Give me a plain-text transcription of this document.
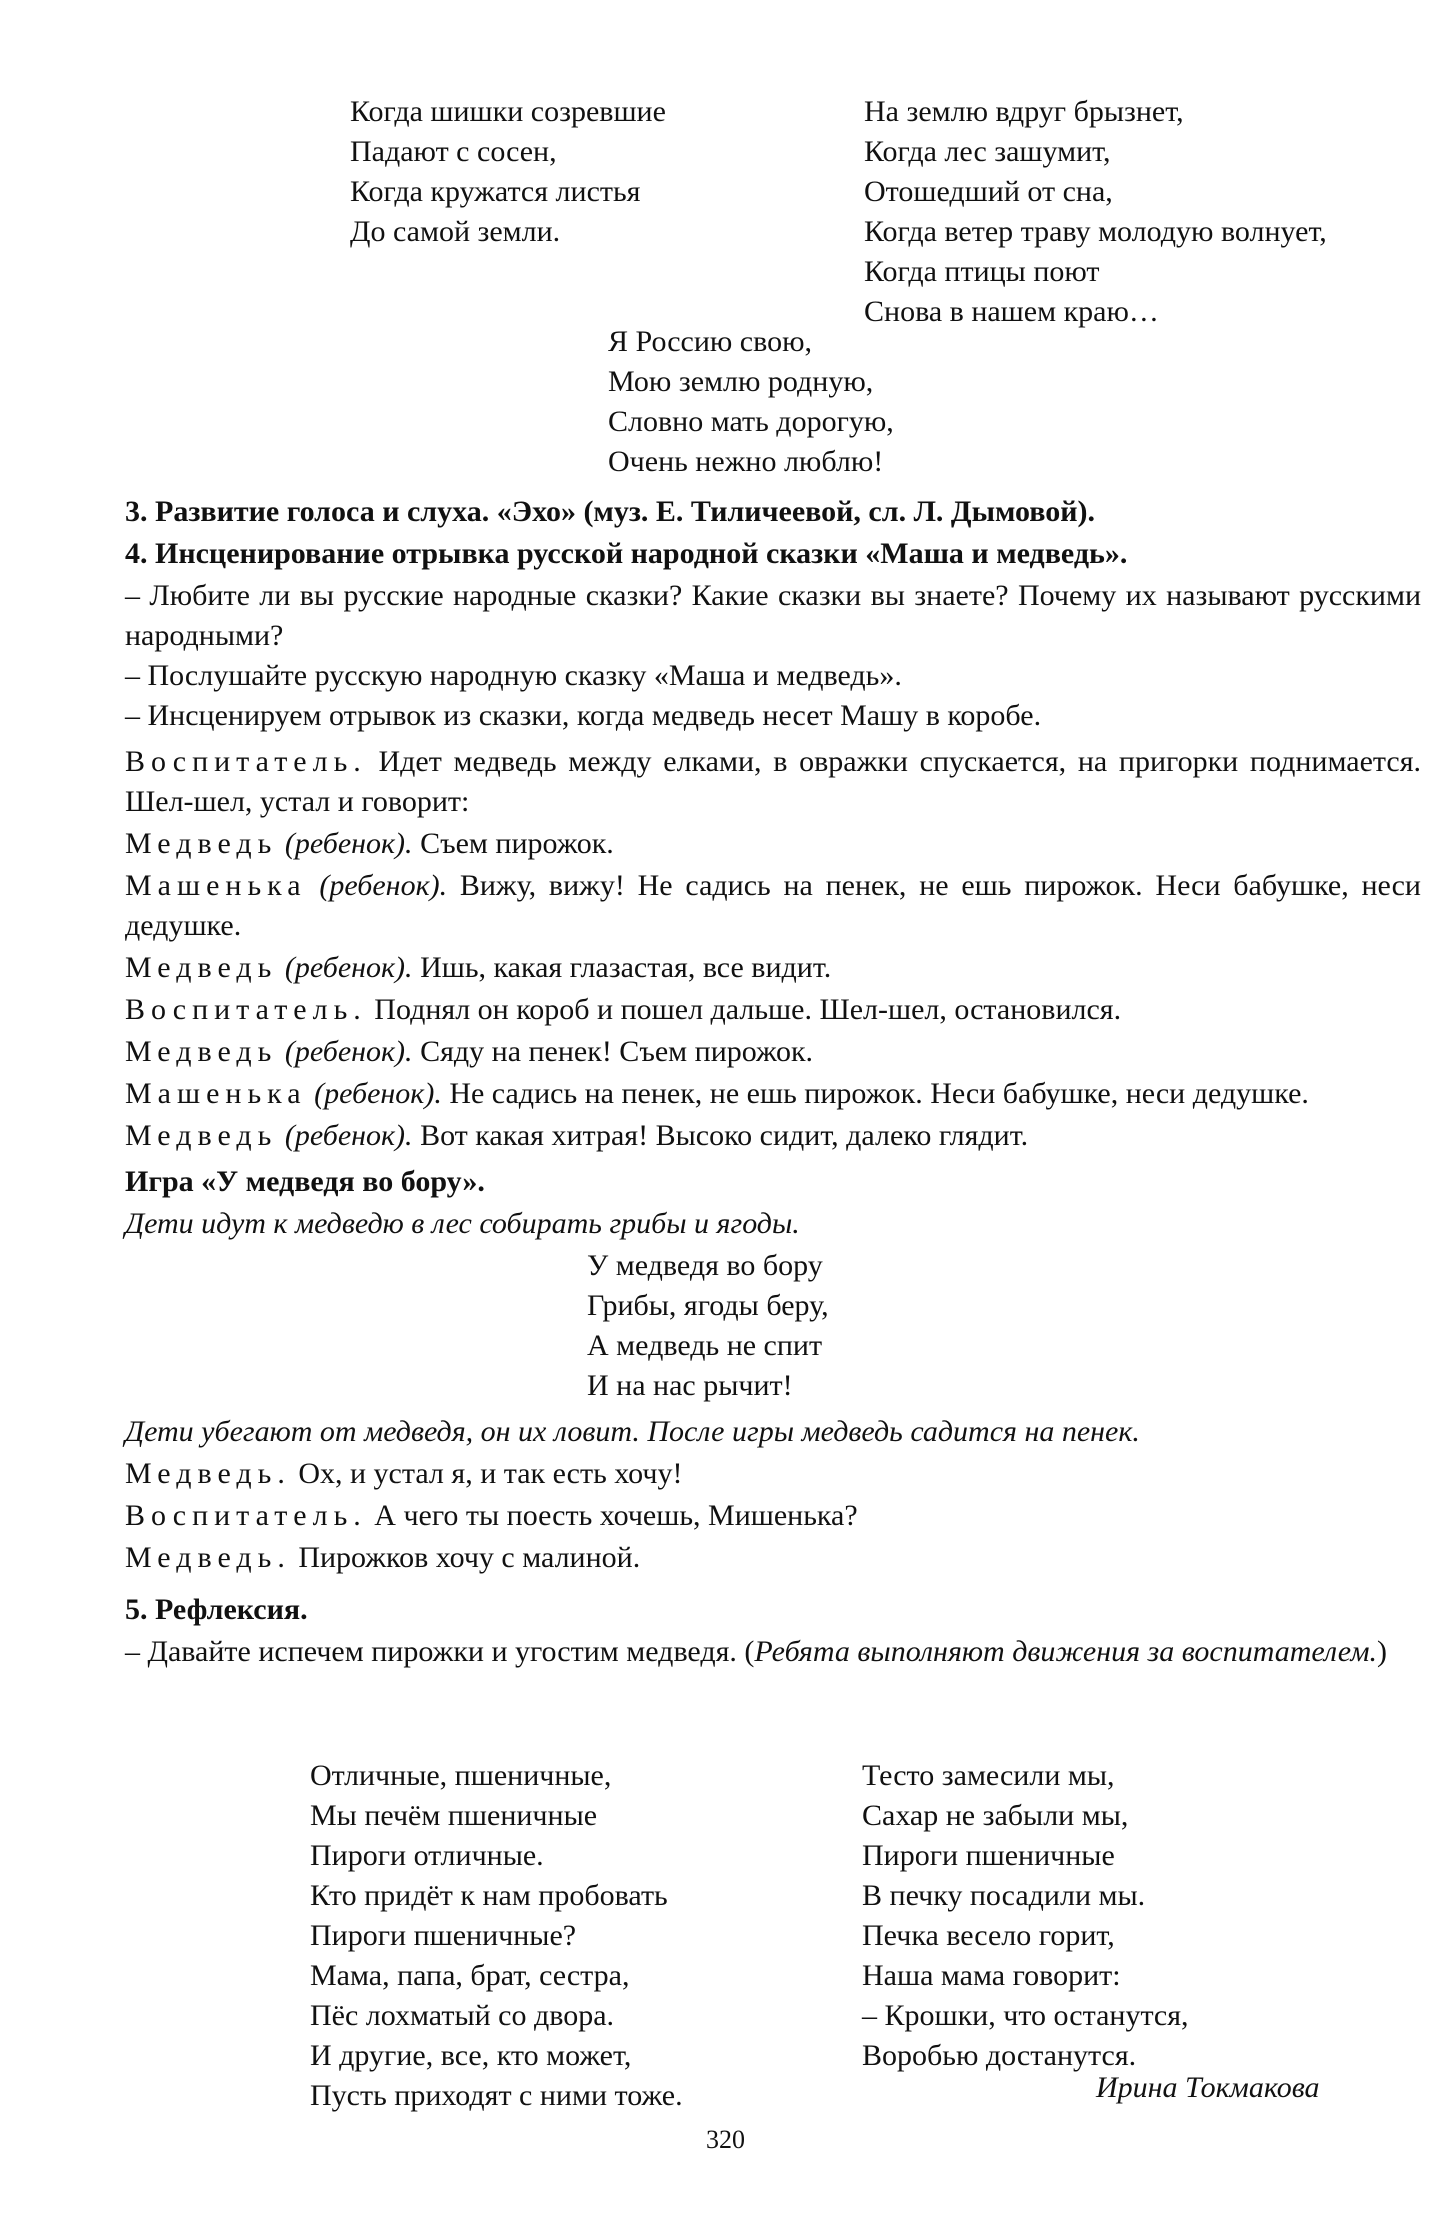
Когда шишки созревшие
Падают с сосен,
Когда кружатся листья
До самой земли.
На землю вдруг брызнет,
Когда лес зашумит,
Отошедший от сна,
Когда ветер траву молодую волнует,
Когда птицы поют
Снова в нашем краю…
Я Россию свою,
Мою землю родную,
Словно мать дорогую,
Очень нежно люблю!

3. Развитие голоса и слуха. «Эхо» (муз. Е. Тиличеевой, сл. Л. Дымовой).

4. Инсценирование отрывка русской народной сказки «Маша и медведь».

– Любите ли вы русские народные сказки? Какие сказки вы знаете? Почему их называют русскими народными?

– Послушайте русскую народную сказку «Маша и медведь».

– Инсценируем отрывок из сказки, когда медведь несет Машу в коробе.

Воспитатель. Идет медведь между елками, в овражки спускается, на пригорки поднимается. Шел-шел, устал и говорит:

Медведь (ребенок). Съем пирожок.

Машенька (ребенок). Вижу, вижу! Не садись на пенек, не ешь пирожок. Неси бабушке, неси дедушке.

Медведь (ребенок). Ишь, какая глазастая, все видит.

Воспитатель. Поднял он короб и пошел дальше. Шел-шел, остановился.

Медведь (ребенок). Сяду на пенек! Съем пирожок.

Машенька (ребенок). Не садись на пенек, не ешь пирожок. Неси бабушке, неси дедушке.

Медведь (ребенок). Вот какая хитрая! Высоко сидит, далеко глядит.

Игра «У медведя во бору».

Дети идут к медведю в лес собирать грибы и ягоды.

У медведя во бору
Грибы, ягоды беру,
А медведь не спит
И на нас рычит!

Дети убегают от медведя, он их ловит. После игры медведь садится на пенек.

Медведь. Ох, и устал я, и так есть хочу!

Воспитатель. А чего ты поесть хочешь, Мишенька?

Медведь. Пирожков хочу с малиной.

5. Рефлексия.

– Давайте испечем пирожки и угостим медведя. (Ребята выполняют движения за воспитателем.)

Отличные, пшеничные,
Мы печём пшеничные
Пироги отличные.
Кто придёт к нам пробовать
Пироги пшеничные?
Мама, папа, брат, сестра,
Пёс лохматый со двора.
И другие, все, кто может,
Пусть приходят с ними тоже.
Тесто замесили мы,
Сахар не забыли мы,
Пироги пшеничные
В печку посадили мы.
Печка весело горит,
Наша мама говорит:
– Крошки, что останутся,
Воробью достанутся.
Ирина Токмакова
320
